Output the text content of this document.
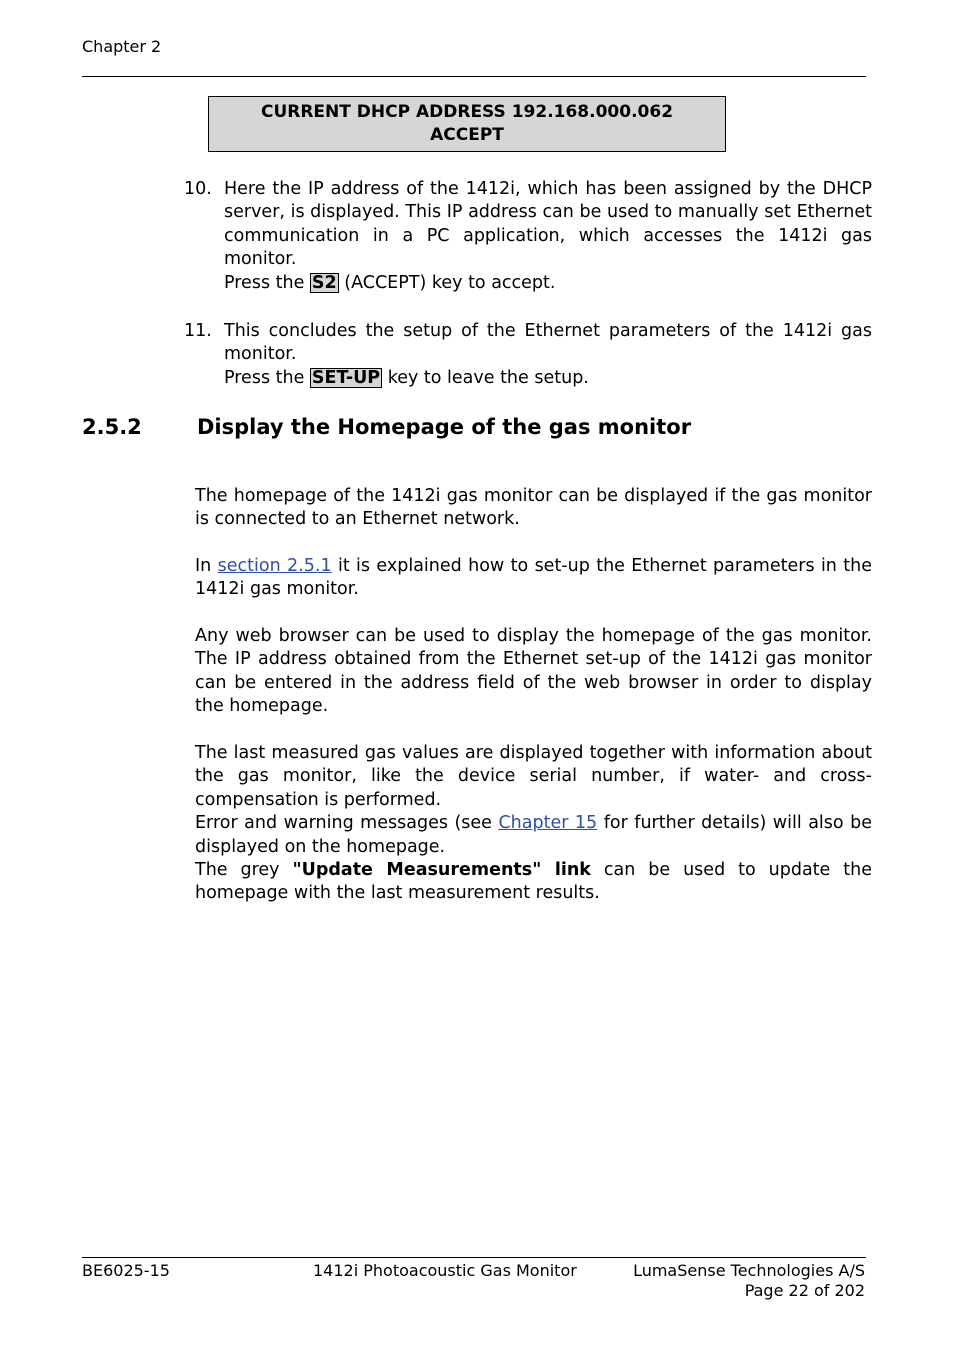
Chapter 2
CURRENT DHCP ADDRESS 192.168.000.062
ACCEPT
10. Here the IP address of the 1412i, which has been assigned by the DHCP server, is displayed. This IP address can be used to manually set Ethernet communication in a PC application, which accesses the 1412i gas monitor.
Press the S2 (ACCEPT) key to accept.
11. This concludes the setup of the Ethernet parameters of the 1412i gas monitor.
Press the SET-UP key to leave the setup.
2.5.2	Display the Homepage of the gas monitor
The homepage of the 1412i gas monitor can be displayed if the gas monitor is connected to an Ethernet network.
In section 2.5.1 it is explained how to set-up the Ethernet parameters in the 1412i gas monitor.
Any web browser can be used to display the homepage of the gas monitor. The IP address obtained from the Ethernet set-up of the 1412i gas monitor can be entered in the address field of the web browser in order to display the homepage.
The last measured gas values are displayed together with information about the gas monitor, like the device serial number, if water- and cross-compensation is performed.
Error and warning messages (see Chapter 15 for further details) will also be displayed on the homepage.
The grey "Update Measurements" link can be used to update the homepage with the last measurement results.
BE6025-15	1412i Photoacoustic Gas Monitor	LumaSense Technologies A/S
Page 22 of 202
